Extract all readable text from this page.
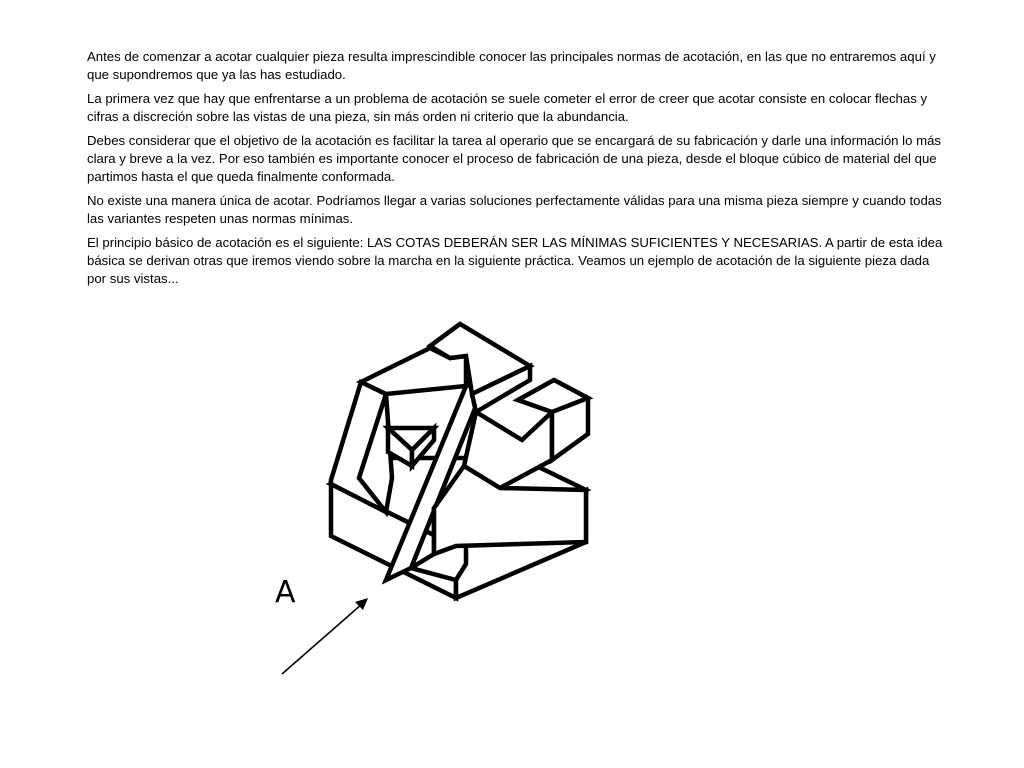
Antes de comenzar a acotar cualquier pieza resulta imprescindible conocer las principales normas de acotación, en las que no entraremos aquí y que supondremos que ya las has estudiado.

La primera vez que hay que enfrentarse a un problema de acotación se suele cometer el error de creer que acotar consiste en colocar flechas y cifras a discreción sobre las vistas de una pieza, sin más orden ni criterio que la abundancia.

Debes considerar que el objetivo de la acotación es facilitar la tarea al operario que se encargará de su fabricación y darle una información lo más clara y breve a la vez. Por eso también es importante conocer el proceso de fabricación de una pieza, desde el bloque cúbico de material del que partimos hasta el que queda finalmente conformada.

No existe una manera única de acotar. Podríamos llegar a varias soluciones perfectamente válidas para una misma pieza siempre y cuando todas las variantes respeten unas normas mínimas.

El principio básico de acotación es el siguiente: LAS COTAS DEBERÁN SER LAS MÍNIMAS SUFICIENTES Y NECESARIAS. A partir de esta idea básica se derivan otras que iremos viendo sobre la marcha en la siguiente práctica. Veamos un ejemplo de acotación de la siguiente pieza dada por sus vistas...

A
